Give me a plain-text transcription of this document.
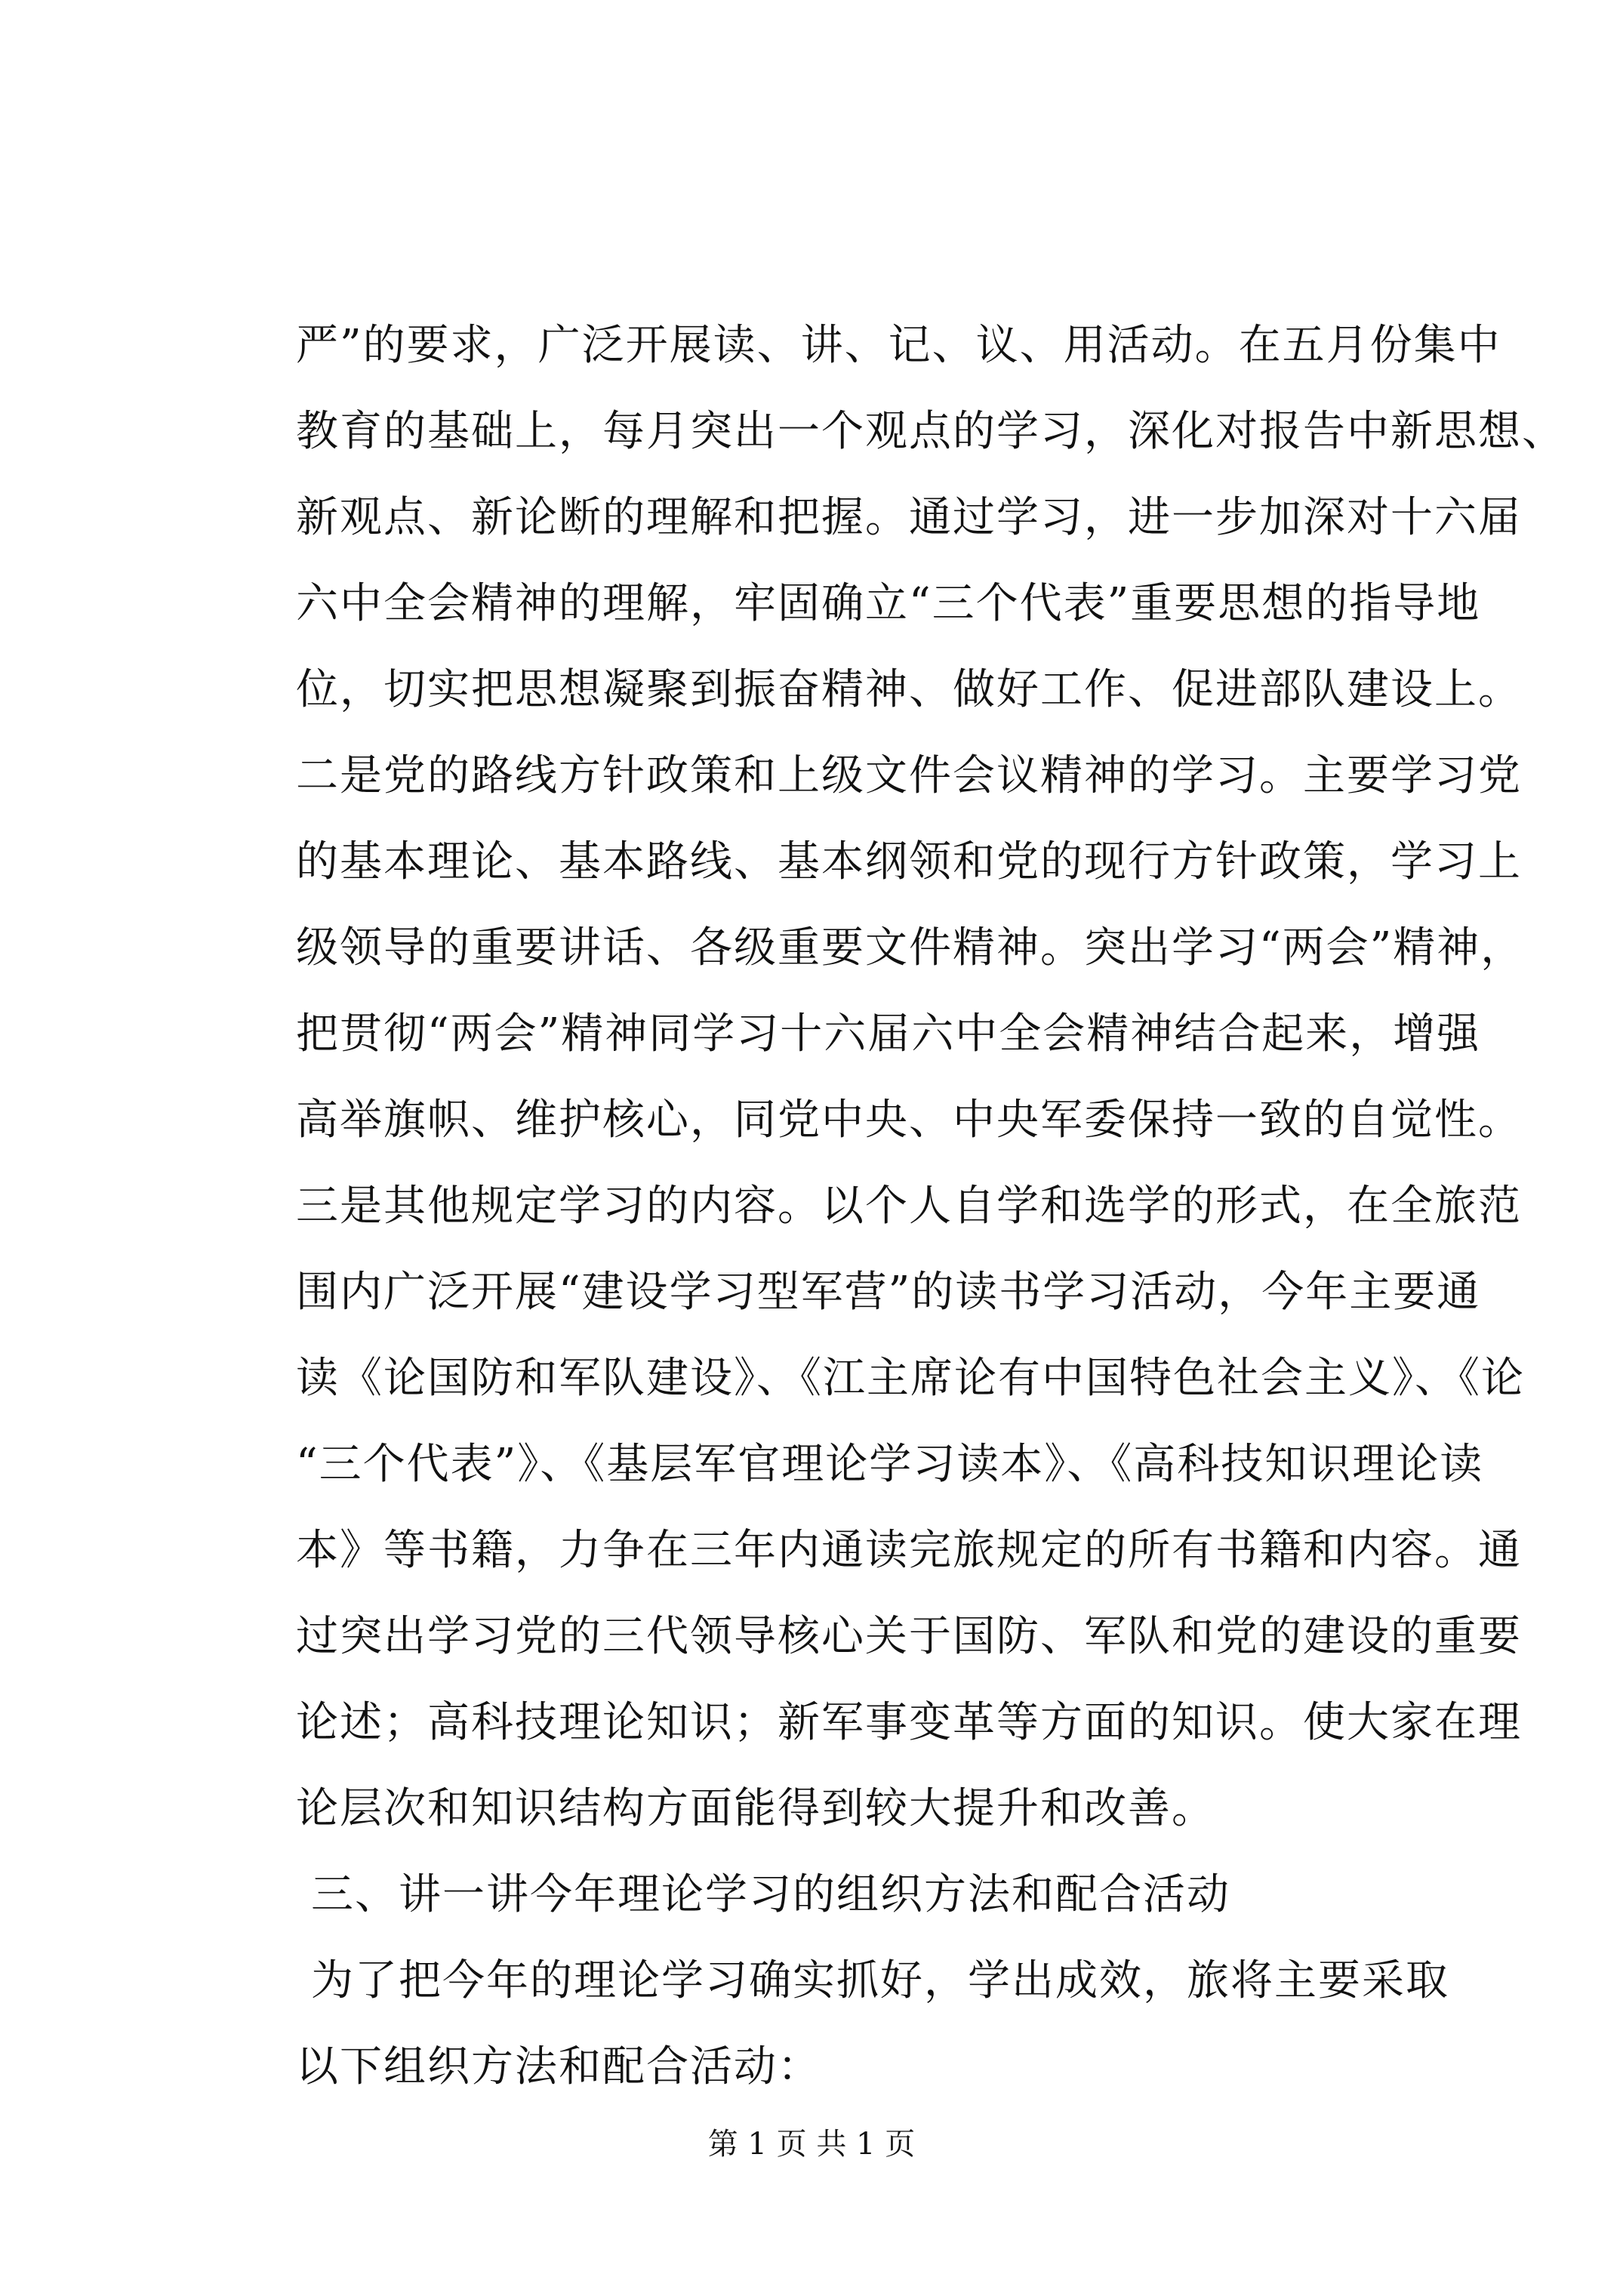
严”的要求，广泛开展读、讲、记、议、用活动。在五月份集中
教育的基础上，每月突出一个观点的学习，深化对报告中新思想、
新观点、新论断的理解和把握。通过学习，进一步加深对十六届
六中全会精神的理解，牢固确立“三个代表”重要思想的指导地
位，切实把思想凝聚到振奋精神、做好工作、促进部队建设上。
二是党的路线方针政策和上级文件会议精神的学习。主要学习党
的基本理论、基本路线、基本纲领和党的现行方针政策，学习上
级领导的重要讲话、各级重要文件精神。突出学习“两会”精神，
把贯彻“两会”精神同学习十六届六中全会精神结合起来，增强
高举旗帜、维护核心，同党中央、中央军委保持一致的自觉性。
三是其他规定学习的内容。以个人自学和选学的形式，在全旅范
围内广泛开展“建设学习型军营”的读书学习活动，今年主要通
读《论国防和军队建设》、《江主席论有中国特色社会主义》、《论
“三个代表”》、《基层军官理论学习读本》、《高科技知识理论读
本》等书籍，力争在三年内通读完旅规定的所有书籍和内容。通
过突出学习党的三代领导核心关于国防、军队和党的建设的重要
论述；高科技理论知识；新军事变革等方面的知识。使大家在理
论层次和知识结构方面能得到较大提升和改善。
三、讲一讲今年理论学习的组织方法和配合活动
为了把今年的理论学习确实抓好，学出成效，旅将主要采取
以下组织方法和配合活动：
第 1 页 共 1 页
